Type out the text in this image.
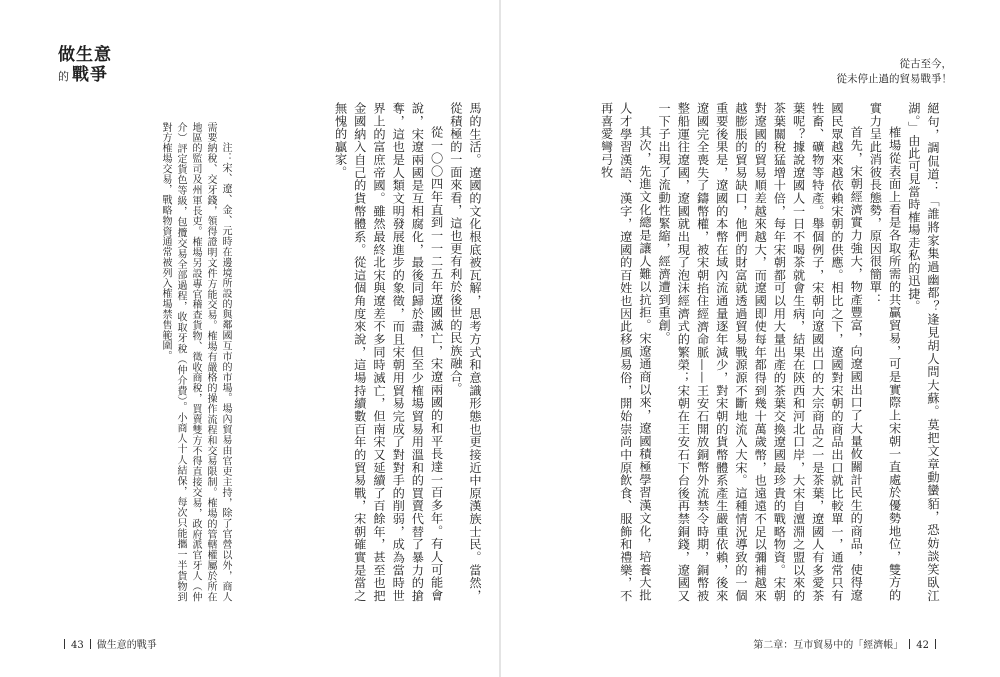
做生意
的 戰爭

馬的生活。遼國的文化根底被瓦解，思考方式和意識形態也更接近中原漢族士民。當然，從積極的一面來看，這也更有利於後世的民族融合。

從一〇〇四年直到一一二五年遼國滅亡，宋遼兩國的和平長達一百多年。有人可能會說，宋遼兩國是互相腐化，最後同歸於盡，但至少榷場貿易用溫和的買賣代替了暴力的搶奪，這也是人類文明發展進步的象徵，而且宋朝用貿易完成了對對手的削弱，成為當時世界上的富庶帝國。雖然最終北宋與遼差不多同時滅亡，但南宋又延續了百餘年，甚至也把金國納入自己的貨幣體系。從這個角度來說，這場持續數百年的貿易戰，宋朝確實是當之無愧的贏家。

注：宋、遼、金、元時在邊境所設的與鄰國互市的市場。場內貿易由官吏主持，除了官營以外，商人需要納稅、交牙錢，領得證明文件方能交易。榷場有嚴格的操作流程和交易限制。榷場的管轄權屬於所在地區的監司及州軍長吏。榷場另設專官稽查貨物、徵收商稅，買賣雙方不得直接交易，政府派官牙人（仲介）評定貨色等級，包攬交易全部過程，收取牙稅（仲介費）。小商人十人結保，每次只能攜一半貨物到對方榷場交易，戰略物資通常被列入榷場禁售範圍。

43 做生意的戰爭
從古至今，
從未停止過的貿易戰爭！

絕句，調侃道：「誰將家集過幽都？逢見胡人問大蘇。莫把文章動蠻貊，恐妨談笑臥江湖。」由此可見當時榷場走私的迅捷。

榷場從表面上看是各取所需的共贏貿易，可是實際上宋朝一直處於優勢地位，雙方的實力呈此消彼長態勢，原因很簡單：

首先，宋朝經濟實力強大，物產豐富，向遼國出口了大量攸關計民生的商品，使得遼國民眾越來越依賴宋朝的供應。相比之下，遼國對宋朝的商品出口就比較單一，通常只有牲畜、礦物等特產。舉個例子，宋朝向遼國出口的大宗商品之一是茶葉，遼國人有多愛茶葉呢？據說遼國人一日不喝茶就會生病，結果在陝西和河北口岸，大宋自澶淵之盟以來的茶葉關稅猛增十倍，每年宋朝都可以用大量出產的茶葉交換遼國最珍貴的戰略物資。宋朝對遼國的貿易順差越來越大，而遼國即使每年都得到幾十萬歲幣，也遠遠不足以彌補越來越膨脹的貿易缺口，他們的財富就透過貿易戰源源不斷地流入大宋。這種情況導致的一個重要後果是，遼國的本幣在域內流通量逐年減少，對宋朝的貨幣體系產生嚴重依賴，後來遼國完全喪失了鑄幣權，被宋朝掐住經濟命脈——王安石開放銅幣外流禁令時期，銅幣被整船運往遼國，遼國就出現了泡沫經濟式的繁榮；宋朝在王安石下台後再禁銅錢，遼國又一下子出現了流動性緊縮，經濟遭到重創。

其次，先進文化總是讓人難以抗拒。宋遼通商以來，遼國積極學習漢文化，培養大批人才學習漢語、漢字，遼國的百姓也因此移風易俗，開始崇尚中原飲食、服飾和禮樂，不再喜愛彎弓牧

第二章：互市貿易中的「經濟帳」 42
